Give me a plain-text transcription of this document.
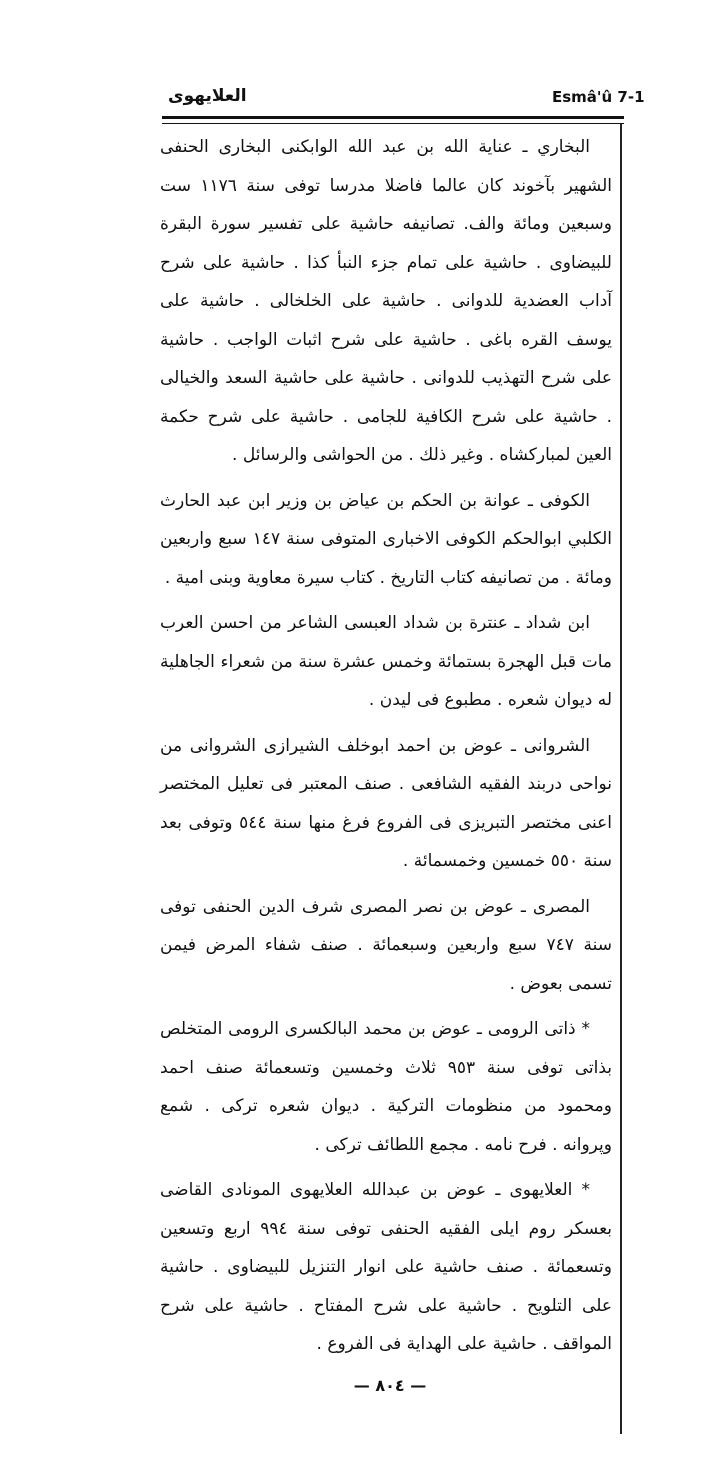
العلايهوى	Esmâ'û 7-1

البخاري ـ عناية الله بن عبد الله الوابكنى البخارى الحنفى الشهير بآخوند كان عالما فاضلا مدرسا توفى سنة ١١٧٦ ست وسبعين ومائة والف. تصانيفه حاشية على تفسير سورة البقرة للبيضاوى . حاشية على تمام جزء النبأ كذا . حاشية على شرح آداب العضدية للدوانى . حاشية على الخلخالى . حاشية على يوسف القره باغى . حاشية على شرح اثبات الواجب . حاشية على شرح التهذيب للدوانى . حاشية على حاشية السعد والخيالى . حاشية على شرح الكافية للجامى . حاشية على شرح حكمة العين لمباركشاه . وغير ذلك . من الحواشى والرسائل .

الكوفى ـ عوانة بن الحكم بن عياض بن وزير ابن عبد الحارث الكلبي ابوالحكم الكوفى الاخبارى المتوفى سنة ١٤٧ سبع واربعين ومائة . من تصانيفه كتاب التاريخ . كتاب سيرة معاوية وبنى امية .

ابن شداد ـ عنترة بن شداد العبسى الشاعر من احسن العرب مات قبل الهجرة بستمائة وخمس عشرة سنة من شعراء الجاهلية له ديوان شعره . مطبوع فى ليدن .

الشروانى ـ عوض بن احمد ابوخلف الشيرازى الشروانى من نواحى دربند الفقيه الشافعى . صنف المعتبر فى تعليل المختصر اعنى مختصر التبريزى فى الفروع فرغ منها سنة ٥٤٤ وتوفى بعد سنة ٥٥٠ خمسين وخمسمائة .

المصرى ـ عوض بن نصر المصرى شرف الدين الحنفى توفى سنة ٧٤٧ سبع واربعين وسبعمائة . صنف شفاء المرض فيمن تسمى بعوض .

* ذاتى الرومى ـ عوض بن محمد البالكسرى الرومى المتخلص بذاتى توفى سنة ٩٥٣ ثلاث وخمسين وتسعمائة صنف احمد ومحمود من منظومات التركية . ديوان شعره تركى . شمع وپروانه . فرح نامه . مجمع اللطائف تركى .

* العلايهوى ـ عوض بن عبدالله العلايهوى المونادى القاضى بعسكر روم ايلى الفقيه الحنفى توفى سنة ٩٩٤ اربع وتسعين وتسعمائة . صنف حاشية على انوار التنزيل للبيضاوى . حاشية على التلويح . حاشية على شرح المفتاح . حاشية على شرح المواقف . حاشية على الهداية فى الفروع .

— ٨٠٤ —
